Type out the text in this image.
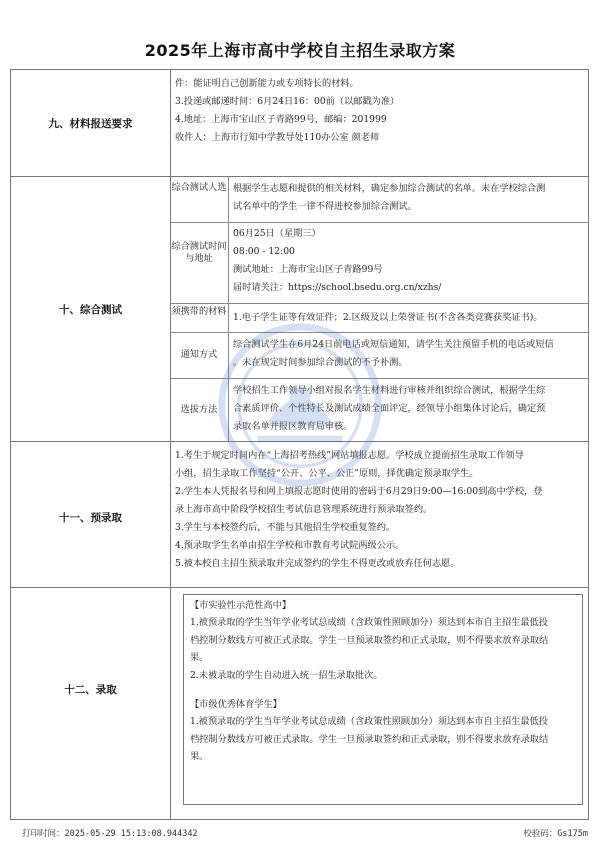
2025年上海市高中学校自主招生录取方案
九、材料报送要求
件：能证明自己创新能力或专项特长的材料。
3.投递或邮递时间：6月24日16：00前（以邮戳为准）
4.地址：上海市宝山区子青路99号，邮编：201999
收件人：上海市行知中学教导处110办公室 颜老师
十、综合测试
综合测试人选 根据学生志愿和提供的相关材料，确定参加综合测试的名单。未在学校综合测
试名单中的学生一律不得进校参加综合测试。
综合测试时间与地址
06月25日（星期三）
08:00 - 12:00
测试地址：上海市宝山区子青路99号
届时请关注：https://school.bsedu.org.cn/xzhs/
须携带的材料
1.电子学生证等有效证件；2.区级及以上荣誉证书(不含各类竞赛获奖证书)。
通知方式
综合测试学生在6月24日前电话或短信通知，请学生关注预留手机的电话或短信
。未在规定时间参加综合测试的不予补测。
选拔方法
学校招生工作领导小组对报名学生材料进行审核并组织综合测试，根据学生综
合素质评价、个性特长及测试成绩全面评定，经领导小组集体讨论后，确定预
录取名单并报区教育局审核。
十一、预录取
1.考生于规定时间内在“上海招考热线”网站填报志愿。学校成立提前招生录取工作领导
小组，招生录取工作坚持“公开、公平、公正”原则，择优确定预录取学生。
2.学生本人凭报名号和网上填报志愿时使用的密码于6月29日9:00—16:00到高中学校，登
录上海市高中阶段学校招生考试信息管理系统进行预录取签约。
3.学生与本校签约后，不能与其他招生学校重复签约。
4.预录取学生名单由招生学校和市教育考试院两级公示。
5.被本校自主招生预录取并完成签约的学生不得更改或放弃任何志愿。
十二、录取
【市实验性示范性高中】
1.被预录取的学生当年学业考试总成绩（含政策性照顾加分）须达到本市自主招生最低投
档控制分数线方可被正式录取。学生一旦预录取签约和正式录取，则不得要求放弃录取结
果。
2.未被录取的学生自动进入统一招生录取批次。
【市级优秀体育学生】
1.被预录取的学生当年学业考试总成绩（含政策性照顾加分）须达到本市自主招生最低投
档控制分数线方可被正式录取。学生一旦预录取签约和正式录取，则不得要求放弃录取结
果。
打印时间：2025-05-29 15:13:08.944342	校验码：Gs175m
